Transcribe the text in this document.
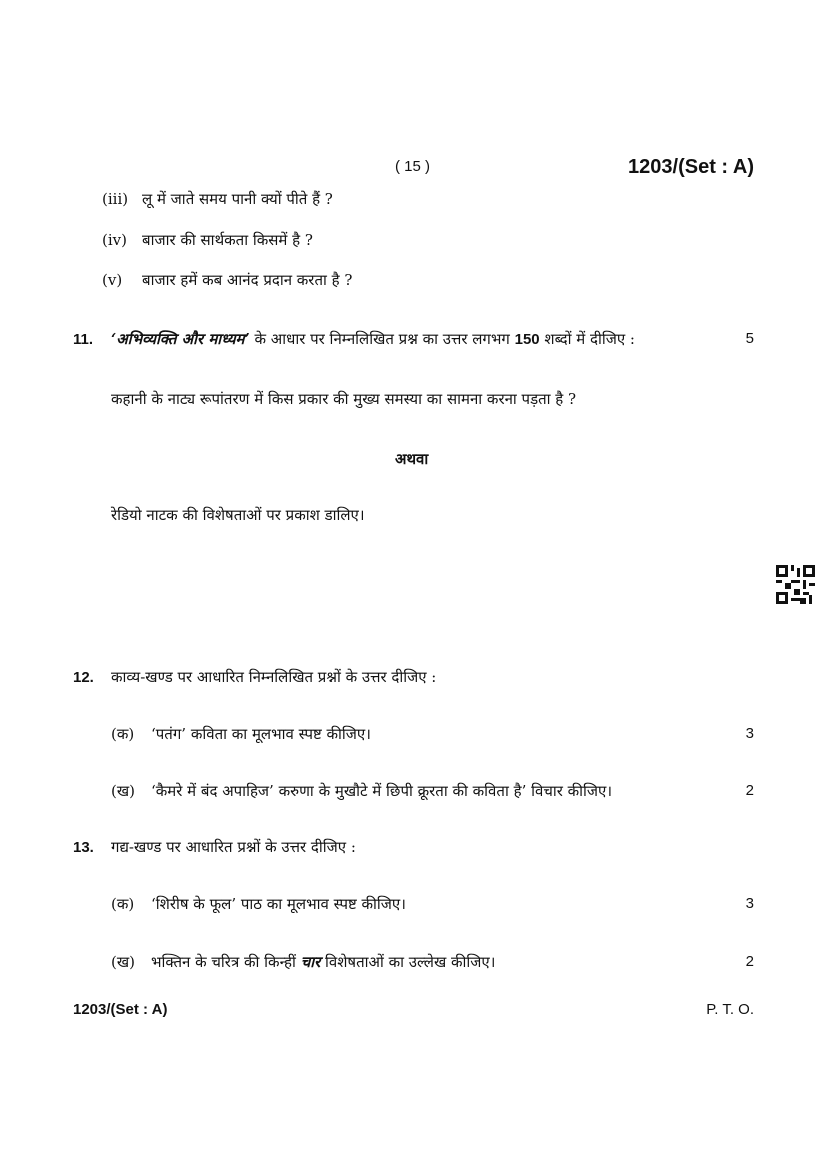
( 15 )	1203/(Set : A)
(iii) लू में जाते समय पानी क्यों पीते हैं ?
(iv) बाजार की सार्थकता किसमें है ?
(v) बाजार हमें कब आनंद प्रदान करता है ?
11. ‘अभिव्यक्ति और माध्यम’ के आधार पर निम्नलिखित प्रश्न का उत्तर लगभग 150 शब्दों में दीजिए :	5
कहानी के नाट्य रूपांतरण में किस प्रकार की मुख्य समस्या का सामना करना पड़ता है ?
अथवा
रेडियो नाटक की विशेषताओं पर प्रकाश डालिए।
12. काव्य-खण्ड पर आधारित निम्नलिखित प्रश्नों के उत्तर दीजिए :
(क) ‘पतंग’ कविता का मूलभाव स्पष्ट कीजिए।	3
(ख) ‘कैमरे में बंद अपाहिज’ करुणा के मुखौटे में छिपी क्रूरता की कविता है’ विचार कीजिए।	2
13. गद्य-खण्ड पर आधारित प्रश्नों के उत्तर दीजिए :
(क) ‘शिरीष के फूल’ पाठ का मूलभाव स्पष्ट कीजिए।	3
(ख) भक्तिन के चरित्र की किन्हीं चार विशेषताओं का उल्लेख कीजिए।	2
1203/(Set : A)	P. T. O.
